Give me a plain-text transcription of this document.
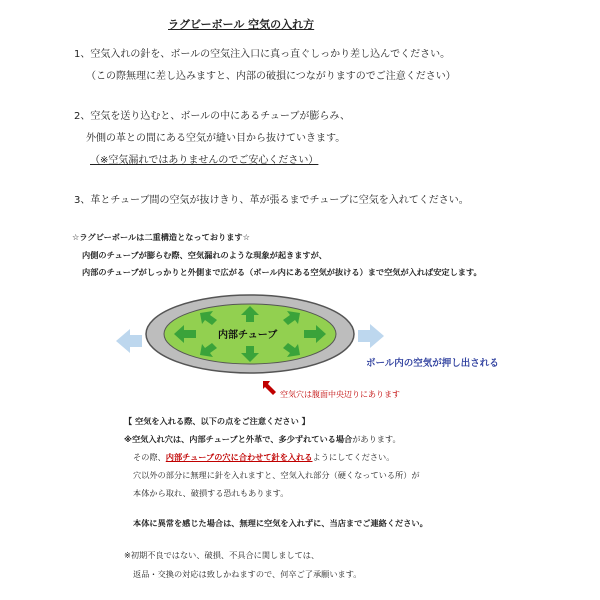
ラグビーボール 空気の入れ方
1、空気入れの針を、ボールの空気注入口に真っ直ぐしっかり差し込んでください。
（この際無理に差し込みますと、内部の破損につながりますのでご注意ください）
2、空気を送り込むと、ボールの中にあるチューブが膨らみ、
外側の革との間にある空気が縫い目から抜けていきます。
（※空気漏れではありませんのでご安心ください）
3、革とチューブ間の空気が抜けきり、革が張るまでチューブに空気を入れてください。
☆ラグビーボールは二重構造となっております☆
内側のチューブが膨らむ際、空気漏れのような現象が起きますが、
内部のチューブがしっかりと外側まで広がる（ボール内にある空気が抜ける）まで空気が入れば安定します。
内部チューブ
ボール内の空気が押し出される
空気穴は腹面中央辺りにあります
【 空気を入れる際、以下の点をご注意ください 】
※空気入れ穴は、内部チューブと外革で、多少ずれている場合があります。
その際、内部チューブの穴に合わせて針を入れるようにしてください。
穴以外の部分に無理に針を入れますと、空気入れ部分（硬くなっている所）が
本体から取れ、破損する恐れもあります。
本体に異常を感じた場合は、無理に空気を入れずに、当店までご連絡ください。
※初期不良ではない、破損、不具合に関しましては、
返品・交換の対応は致しかねますので、何卒ご了承願います。
